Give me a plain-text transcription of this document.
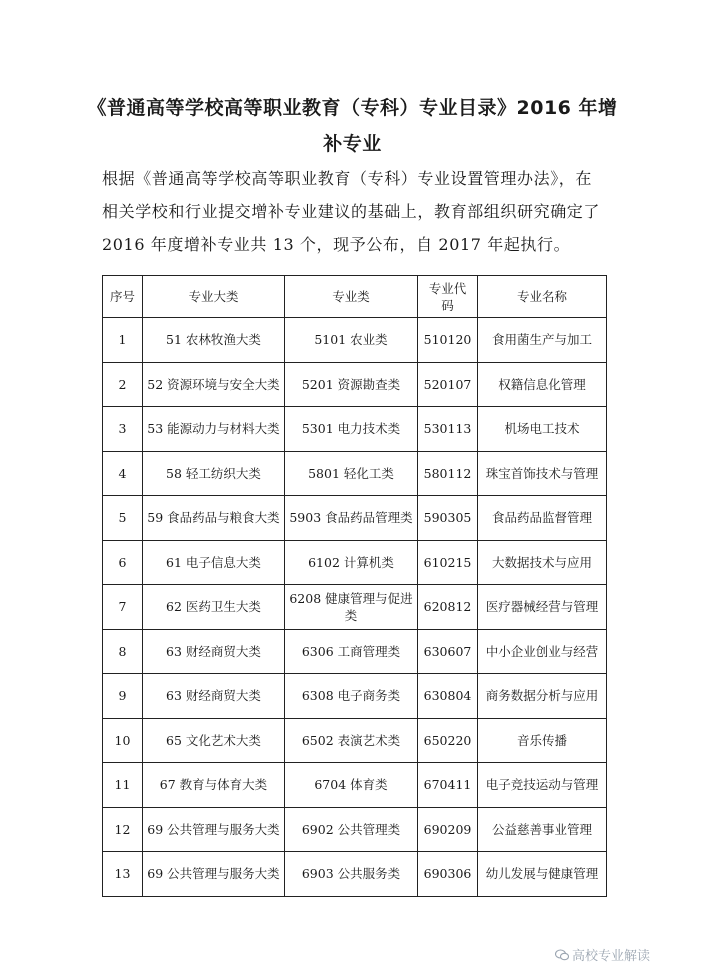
《普通高等学校高等职业教育（专科）专业目录》2016 年增
补专业

根据《普通高等学校高等职业教育（专科）专业设置管理办法》，在

相关学校和行业提交增补专业建议的基础上，教育部组织研究确定了

2016 年度增补专业共 13 个，现予公布，自 2017 年起执行。

序号	专业大类	专业类	专业代
码	专业名称
1	51 农林牧渔大类	5101 农业类	510120	食用菌生产与加工
2	52 资源环境与安全大类	5201 资源勘查类	520107	权籍信息化管理
3	53 能源动力与材料大类	5301 电力技术类	530113	机场电工技术
4	58 轻工纺织大类	5801 轻化工类	580112	珠宝首饰技术与管理
5	59 食品药品与粮食大类	5903 食品药品管理类	590305	食品药品监督管理
6	61 电子信息大类	6102 计算机类	610215	大数据技术与应用
7	62 医药卫生大类	6208 健康管理与促进类	620812	医疗器械经营与管理
8	63 财经商贸大类	6306 工商管理类	630607	中小企业创业与经营
9	63 财经商贸大类	6308 电子商务类	630804	商务数据分析与应用
10	65 文化艺术大类	6502 表演艺术类	650220	音乐传播
11	67 教育与体育大类	6704 体育类	670411	电子竞技运动与管理
12	69 公共管理与服务大类	6902 公共管理类	690209	公益慈善事业管理
13	69 公共管理与服务大类	6903 公共服务类	690306	幼儿发展与健康管理
高校专业解读
